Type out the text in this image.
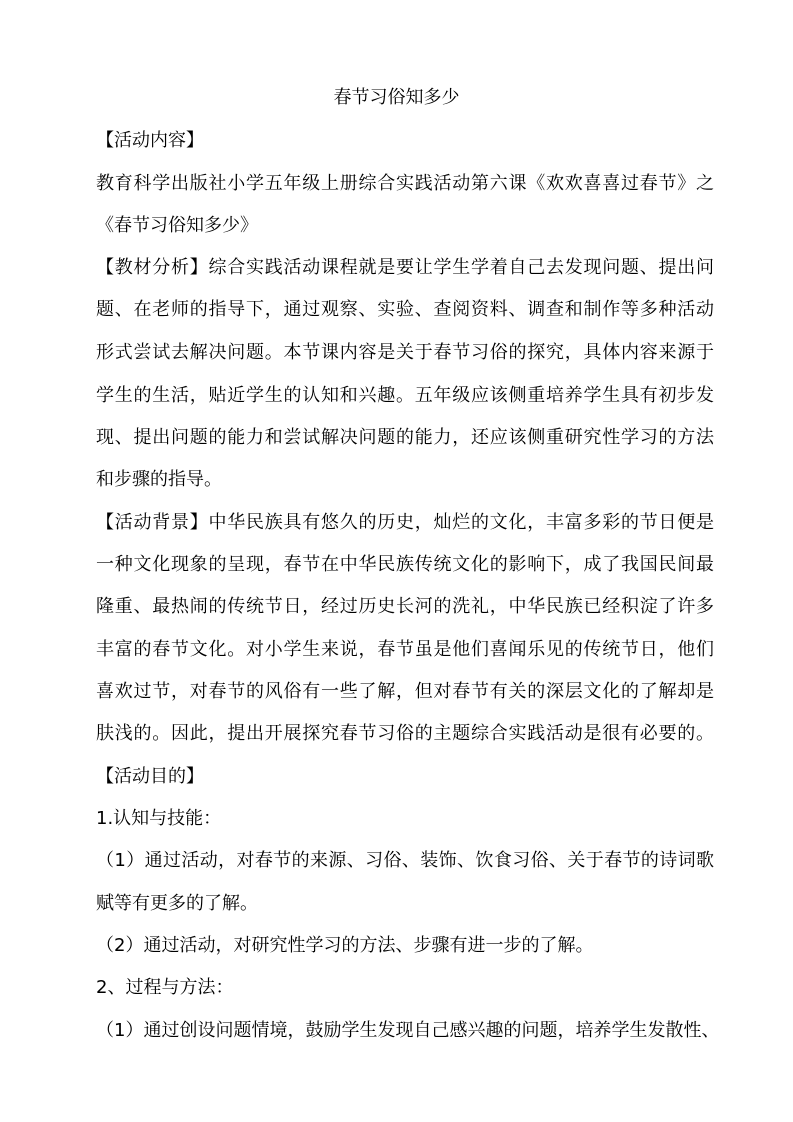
春节习俗知多少
【活动内容】
教育科学出版社小学五年级上册综合实践活动第六课《欢欢喜喜过春节》之
《春节习俗知多少》
【教材分析】综合实践活动课程就是要让学生学着自己去发现问题、提出问
题、在老师的指导下，通过观察、实验、查阅资料、调查和制作等多种活动
形式尝试去解决问题。本节课内容是关于春节习俗的探究，具体内容来源于
学生的生活，贴近学生的认知和兴趣。五年级应该侧重培养学生具有初步发
现、提出问题的能力和尝试解决问题的能力，还应该侧重研究性学习的方法
和步骤的指导。
【活动背景】中华民族具有悠久的历史，灿烂的文化，丰富多彩的节日便是
一种文化现象的呈现，春节在中华民族传统文化的影响下，成了我国民间最
隆重、最热闹的传统节日，经过历史长河的洗礼，中华民族已经积淀了许多
丰富的春节文化。对小学生来说，春节虽是他们喜闻乐见的传统节日，他们
喜欢过节，对春节的风俗有一些了解，但对春节有关的深层文化的了解却是
肤浅的。因此，提出开展探究春节习俗的主题综合实践活动是很有必要的。
【活动目的】
1.认知与技能：
（1）通过活动，对春节的来源、习俗、装饰、饮食习俗、关于春节的诗词歌
赋等有更多的了解。
（2）通过活动，对研究性学习的方法、步骤有进一步的了解。
2、过程与方法：
（1）通过创设问题情境，鼓励学生发现自己感兴趣的问题，培养学生发散性、
